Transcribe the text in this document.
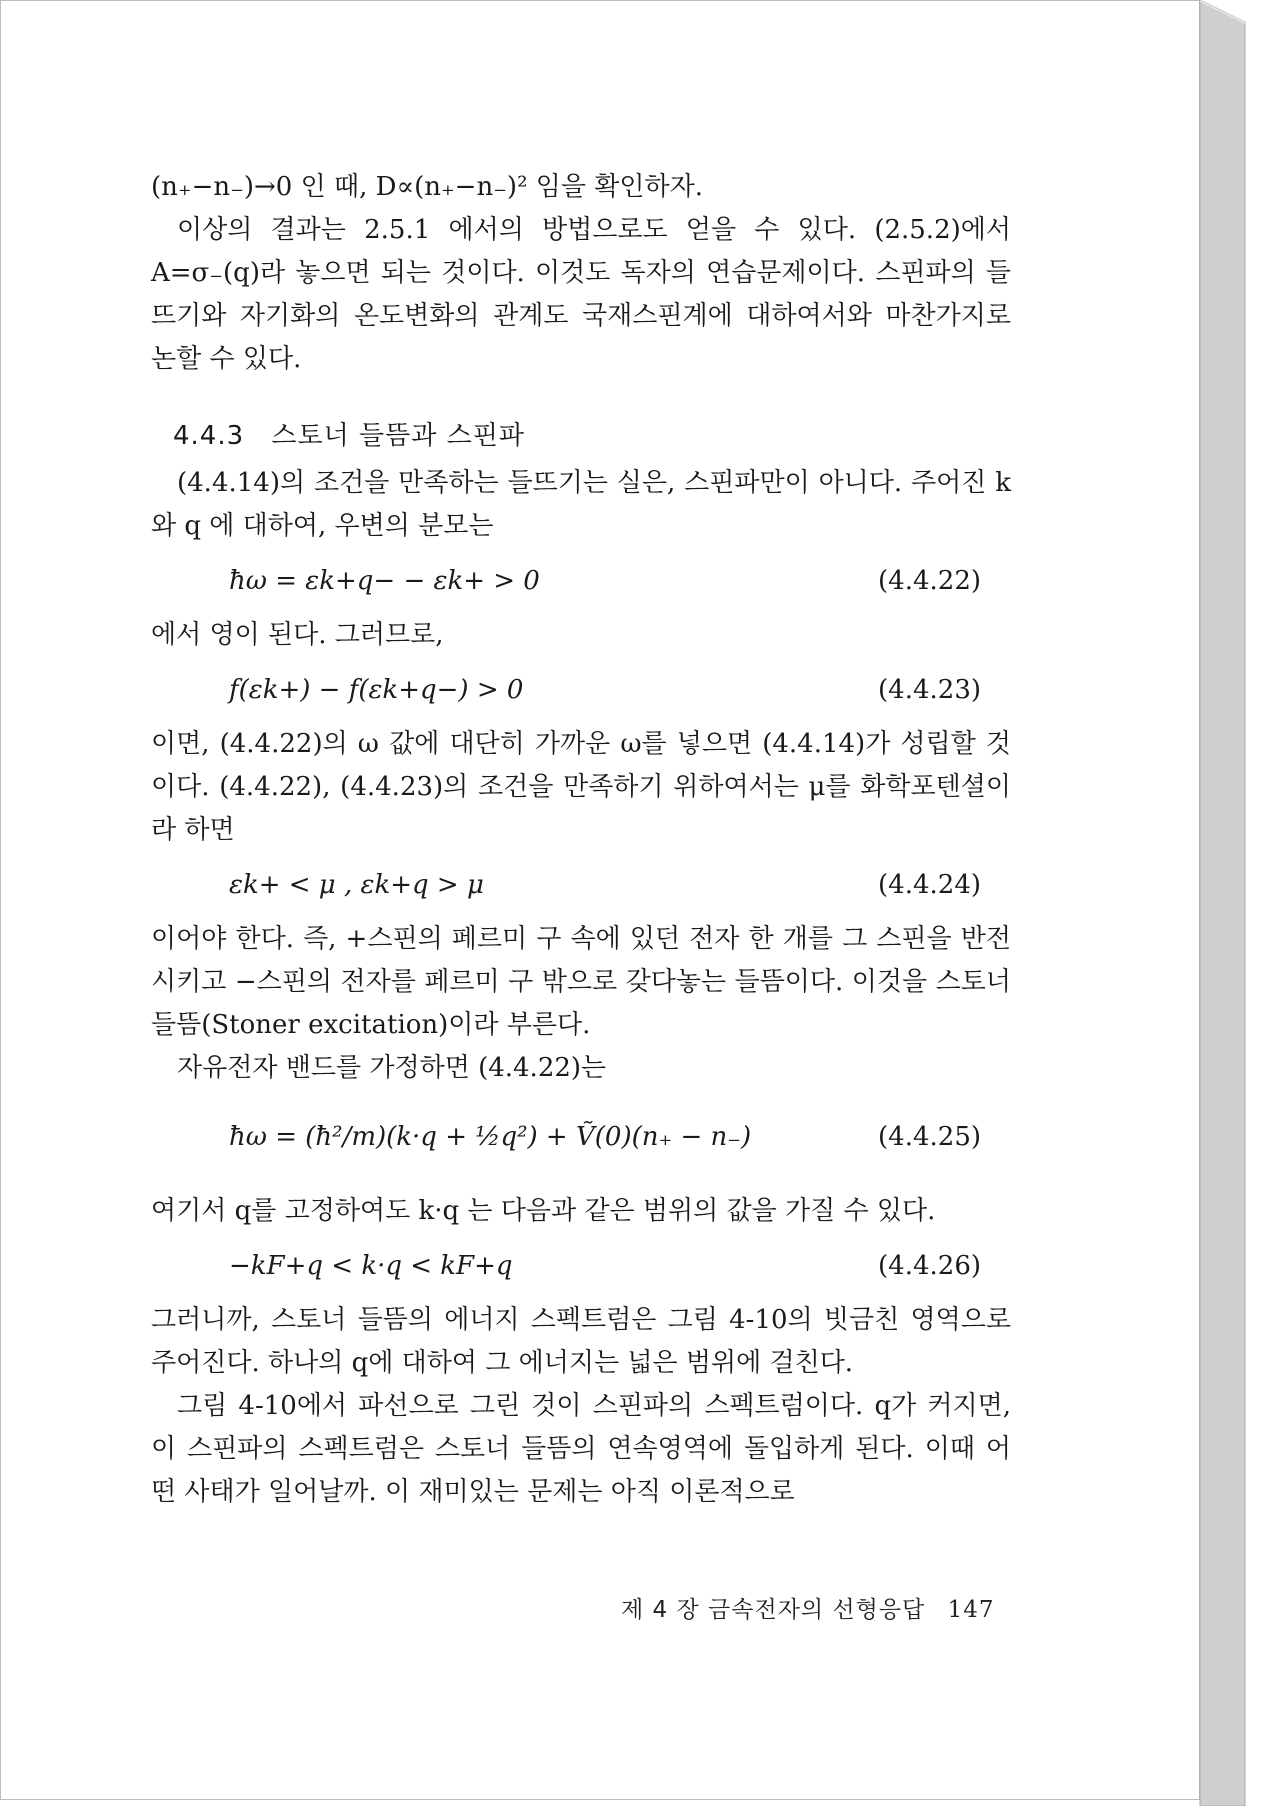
(n₊−n₋)→0 인 때, D∝(n₊−n₋)² 임을 확인하자.

이상의 결과는 2.5.1 에서의 방법으로도 얻을 수 있다. (2.5.2)에서 A=σ₋(q)라 놓으면 되는 것이다. 이것도 독자의 연습문제이다. 스핀파의 들뜨기와 자기화의 온도변화의 관계도 국재스핀계에 대하여서와 마찬가지로 논할 수 있다.

4.4.3 스토너 들뜸과 스핀파

(4.4.14)의 조건을 만족하는 들뜨기는 실은, 스핀파만이 아니다. 주어진 k 와 q 에 대하여, 우변의 분모는

ħω = εk+q− − εk+ > 0	(4.4.22)

에서 영이 된다. 그러므로,

f(εk+) − f(εk+q−) > 0	(4.4.23)

이면, (4.4.22)의 ω 값에 대단히 가까운 ω를 넣으면 (4.4.14)가 성립할 것이다. (4.4.22), (4.4.23)의 조건을 만족하기 위하여서는 μ를 화학포텐셜이라 하면

εk+ < μ , εk+q > μ	(4.4.24)

이어야 한다. 즉, +스핀의 페르미 구 속에 있던 전자 한 개를 그 스핀을 반전시키고 −스핀의 전자를 페르미 구 밖으로 갖다놓는 들뜸이다. 이것을 스토너 들뜸(Stoner excitation)이라 부른다.

자유전자 밴드를 가정하면 (4.4.22)는

ħω = (ħ²/m)(k·q + ½q²) + Ṽ(0)(n₊ − n₋)	(4.4.25)

여기서 q를 고정하여도 k·q 는 다음과 같은 범위의 값을 가질 수 있다.

−kF+q < k·q < kF+q	(4.4.26)

그러니까, 스토너 들뜸의 에너지 스펙트럼은 그림 4-10의 빗금친 영역으로 주어진다. 하나의 q에 대하여 그 에너지는 넓은 범위에 걸친다.

그림 4-10에서 파선으로 그린 것이 스핀파의 스펙트럼이다. q가 커지면, 이 스핀파의 스펙트럼은 스토너 들뜸의 연속영역에 돌입하게 된다. 이때 어떤 사태가 일어날까. 이 재미있는 문제는 아직 이론적으로

제 4 장 금속전자의 선형응답 147
